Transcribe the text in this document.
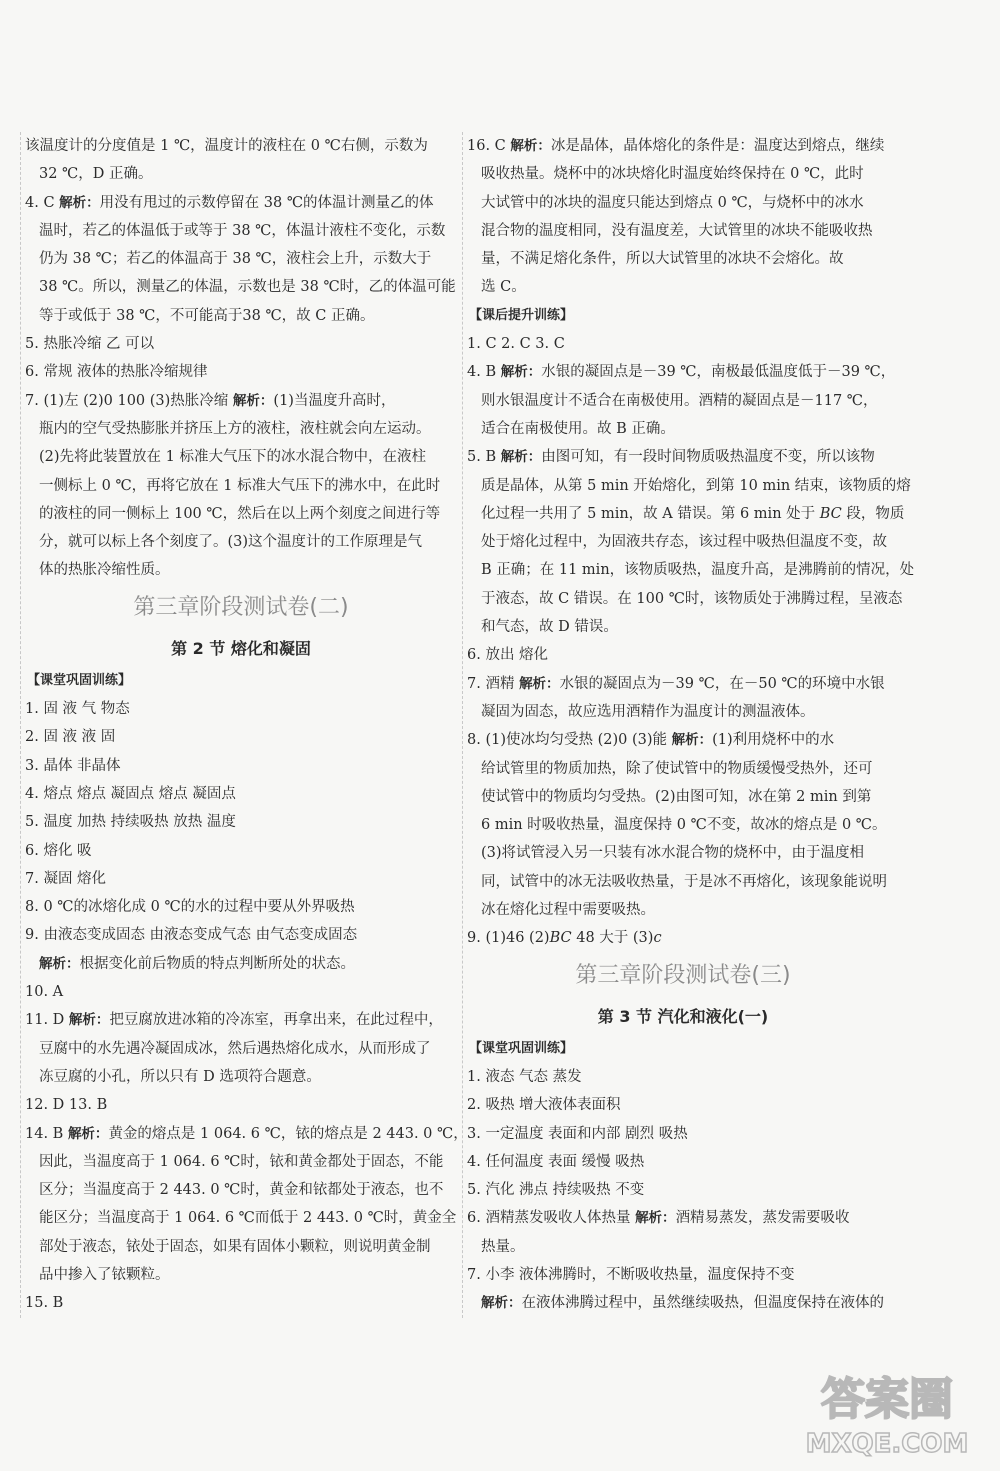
该温度计的分度值是 1 ℃，温度计的液柱在 0 ℃右侧，示数为
32 ℃，D 正确。
4. C 解析：用没有甩过的示数停留在 38 ℃的体温计测量乙的体
温时，若乙的体温低于或等于 38 ℃，体温计液柱不变化，示数
仍为 38 ℃；若乙的体温高于 38 ℃，液柱会上升，示数大于
38 ℃。所以，测量乙的体温，示数也是 38 ℃时，乙的体温可能
等于或低于 38 ℃，不可能高于38 ℃，故 C 正确。
5. 热胀冷缩 乙 可以
6. 常规 液体的热胀冷缩规律
7. (1)左 (2)0 100 (3)热胀冷缩 解析：(1)当温度升高时，
瓶内的空气受热膨胀并挤压上方的液柱，液柱就会向左运动。
(2)先将此装置放在 1 标准大气压下的冰水混合物中，在液柱
一侧标上 0 ℃，再将它放在 1 标准大气压下的沸水中，在此时
的液柱的同一侧标上 100 ℃，然后在以上两个刻度之间进行等
分，就可以标上各个刻度了。(3)这个温度计的工作原理是气
体的热胀冷缩性质。
第三章阶段测试卷(二)
第 2 节 熔化和凝固
【课堂巩固训练】
1. 固 液 气 物态
2. 固 液 液 固
3. 晶体 非晶体
4. 熔点 熔点 凝固点 熔点 凝固点
5. 温度 加热 持续吸热 放热 温度
6. 熔化 吸
7. 凝固 熔化
8. 0 ℃的冰熔化成 0 ℃的水的过程中要从外界吸热
9. 由液态变成固态 由液态变成气态 由气态变成固态
解析：根据变化前后物质的特点判断所处的状态。
10. A
11. D 解析：把豆腐放进冰箱的冷冻室，再拿出来，在此过程中，
豆腐中的水先遇冷凝固成冰，然后遇热熔化成水，从而形成了
冻豆腐的小孔，所以只有 D 选项符合题意。
12. D 13. B
14. B 解析：黄金的熔点是 1 064. 6 ℃，铱的熔点是 2 443. 0 ℃，
因此，当温度高于 1 064. 6 ℃时，铱和黄金都处于固态，不能
区分；当温度高于 2 443. 0 ℃时，黄金和铱都处于液态，也不
能区分；当温度高于 1 064. 6 ℃而低于 2 443. 0 ℃时，黄金全
部处于液态，铱处于固态，如果有固体小颗粒，则说明黄金制
品中掺入了铱颗粒。
15. B
16. C 解析：冰是晶体，晶体熔化的条件是：温度达到熔点，继续
吸收热量。烧杯中的冰块熔化时温度始终保持在 0 ℃，此时
大试管中的冰块的温度只能达到熔点 0 ℃，与烧杯中的冰水
混合物的温度相同，没有温度差，大试管里的冰块不能吸收热
量，不满足熔化条件，所以大试管里的冰块不会熔化。故
选 C。
【课后提升训练】
1. C 2. C 3. C
4. B 解析：水银的凝固点是－39 ℃，南极最低温度低于－39 ℃，
则水银温度计不适合在南极使用。酒精的凝固点是－117 ℃，
适合在南极使用。故 B 正确。
5. B 解析：由图可知，有一段时间物质吸热温度不变，所以该物
质是晶体，从第 5 min 开始熔化，到第 10 min 结束，该物质的熔
化过程一共用了 5 min，故 A 错误。第 6 min 处于 BC 段，物质
处于熔化过程中，为固液共存态，该过程中吸热但温度不变，故
B 正确；在 11 min，该物质吸热，温度升高，是沸腾前的情况，处
于液态，故 C 错误。在 100 ℃时，该物质处于沸腾过程，呈液态
和气态，故 D 错误。
6. 放出 熔化
7. 酒精 解析：水银的凝固点为－39 ℃，在－50 ℃的环境中水银
凝固为固态，故应选用酒精作为温度计的测温液体。
8. (1)使冰均匀受热 (2)0 (3)能 解析：(1)利用烧杯中的水
给试管里的物质加热，除了使试管中的物质缓慢受热外，还可
使试管中的物质均匀受热。(2)由图可知，冰在第 2 min 到第
6 min 时吸收热量，温度保持 0 ℃不变，故冰的熔点是 0 ℃。
(3)将试管浸入另一只装有冰水混合物的烧杯中，由于温度相
同，试管中的冰无法吸收热量，于是冰不再熔化，该现象能说明
冰在熔化过程中需要吸热。
9. (1)46 (2)BC 48 大于 (3)c
第三章阶段测试卷(三)
第 3 节 汽化和液化(一)
【课堂巩固训练】
1. 液态 气态 蒸发
2. 吸热 增大液体表面积
3. 一定温度 表面和内部 剧烈 吸热
4. 任何温度 表面 缓慢 吸热
5. 汽化 沸点 持续吸热 不变
6. 酒精蒸发吸收人体热量 解析：酒精易蒸发，蒸发需要吸收
热量。
7. 小李 液体沸腾时，不断吸收热量，温度保持不变
解析：在液体沸腾过程中，虽然继续吸热，但温度保持在液体的
答案圈
MXQE.COM
